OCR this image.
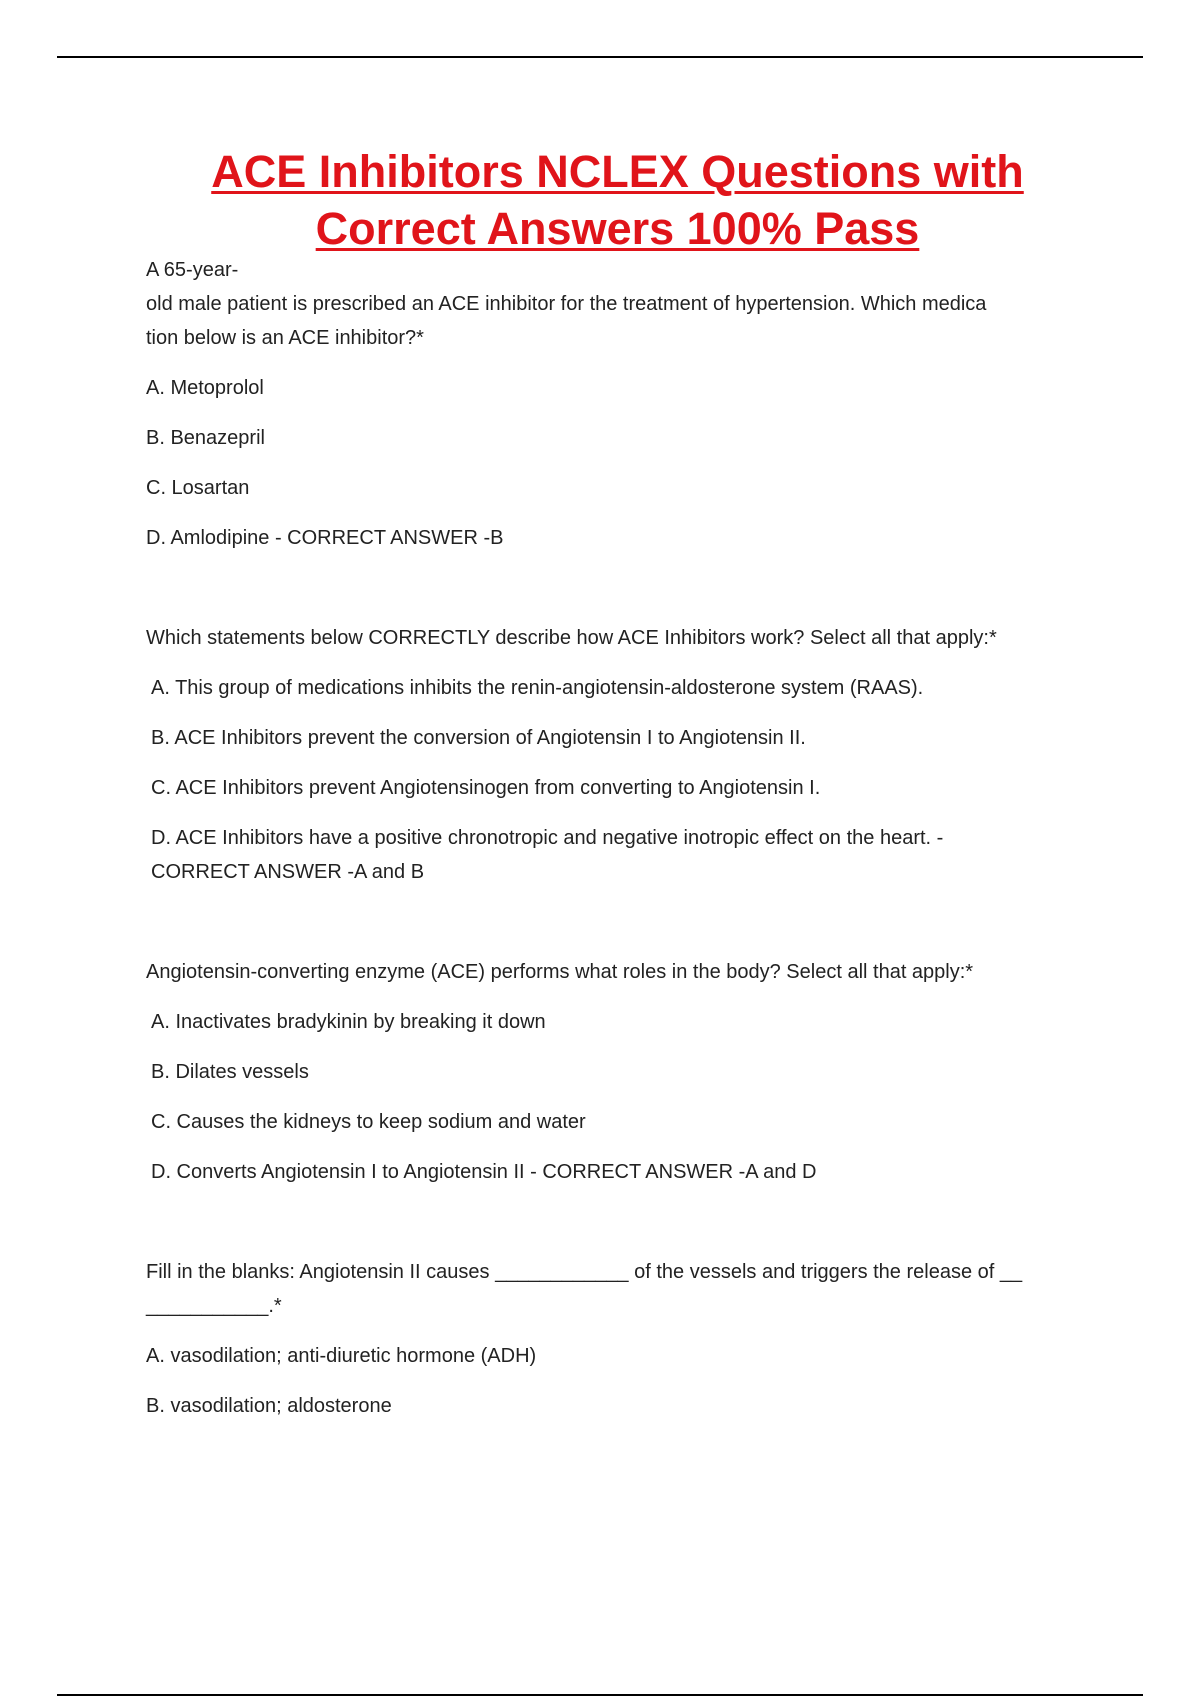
ACE Inhibitors NCLEX Questions with
Correct Answers 100% Pass

A 65-year-
old male patient is prescribed an ACE inhibitor for the treatment of hypertension. Which medica
tion below is an ACE inhibitor?*

A. Metoprolol

B. Benazepril

C. Losartan

D. Amlodipine - CORRECT ANSWER -B

Which statements below CORRECTLY describe how ACE Inhibitors work? Select all that apply:*

A. This group of medications inhibits the renin-angiotensin-aldosterone system (RAAS).

B. ACE Inhibitors prevent the conversion of Angiotensin I to Angiotensin II.

C. ACE Inhibitors prevent Angiotensinogen from converting to Angiotensin I.

D. ACE Inhibitors have a positive chronotropic and negative inotropic effect on the heart. -
CORRECT ANSWER -A and B

Angiotensin-converting enzyme (ACE) performs what roles in the body? Select all that apply:*

A. Inactivates bradykinin by breaking it down

B. Dilates vessels

C. Causes the kidneys to keep sodium and water

D. Converts Angiotensin I to Angiotensin II - CORRECT ANSWER -A and D

Fill in the blanks: Angiotensin II causes ____________ of the vessels and triggers the release of __
___________.*

A. vasodilation; anti-diuretic hormone (ADH)

B. vasodilation; aldosterone
